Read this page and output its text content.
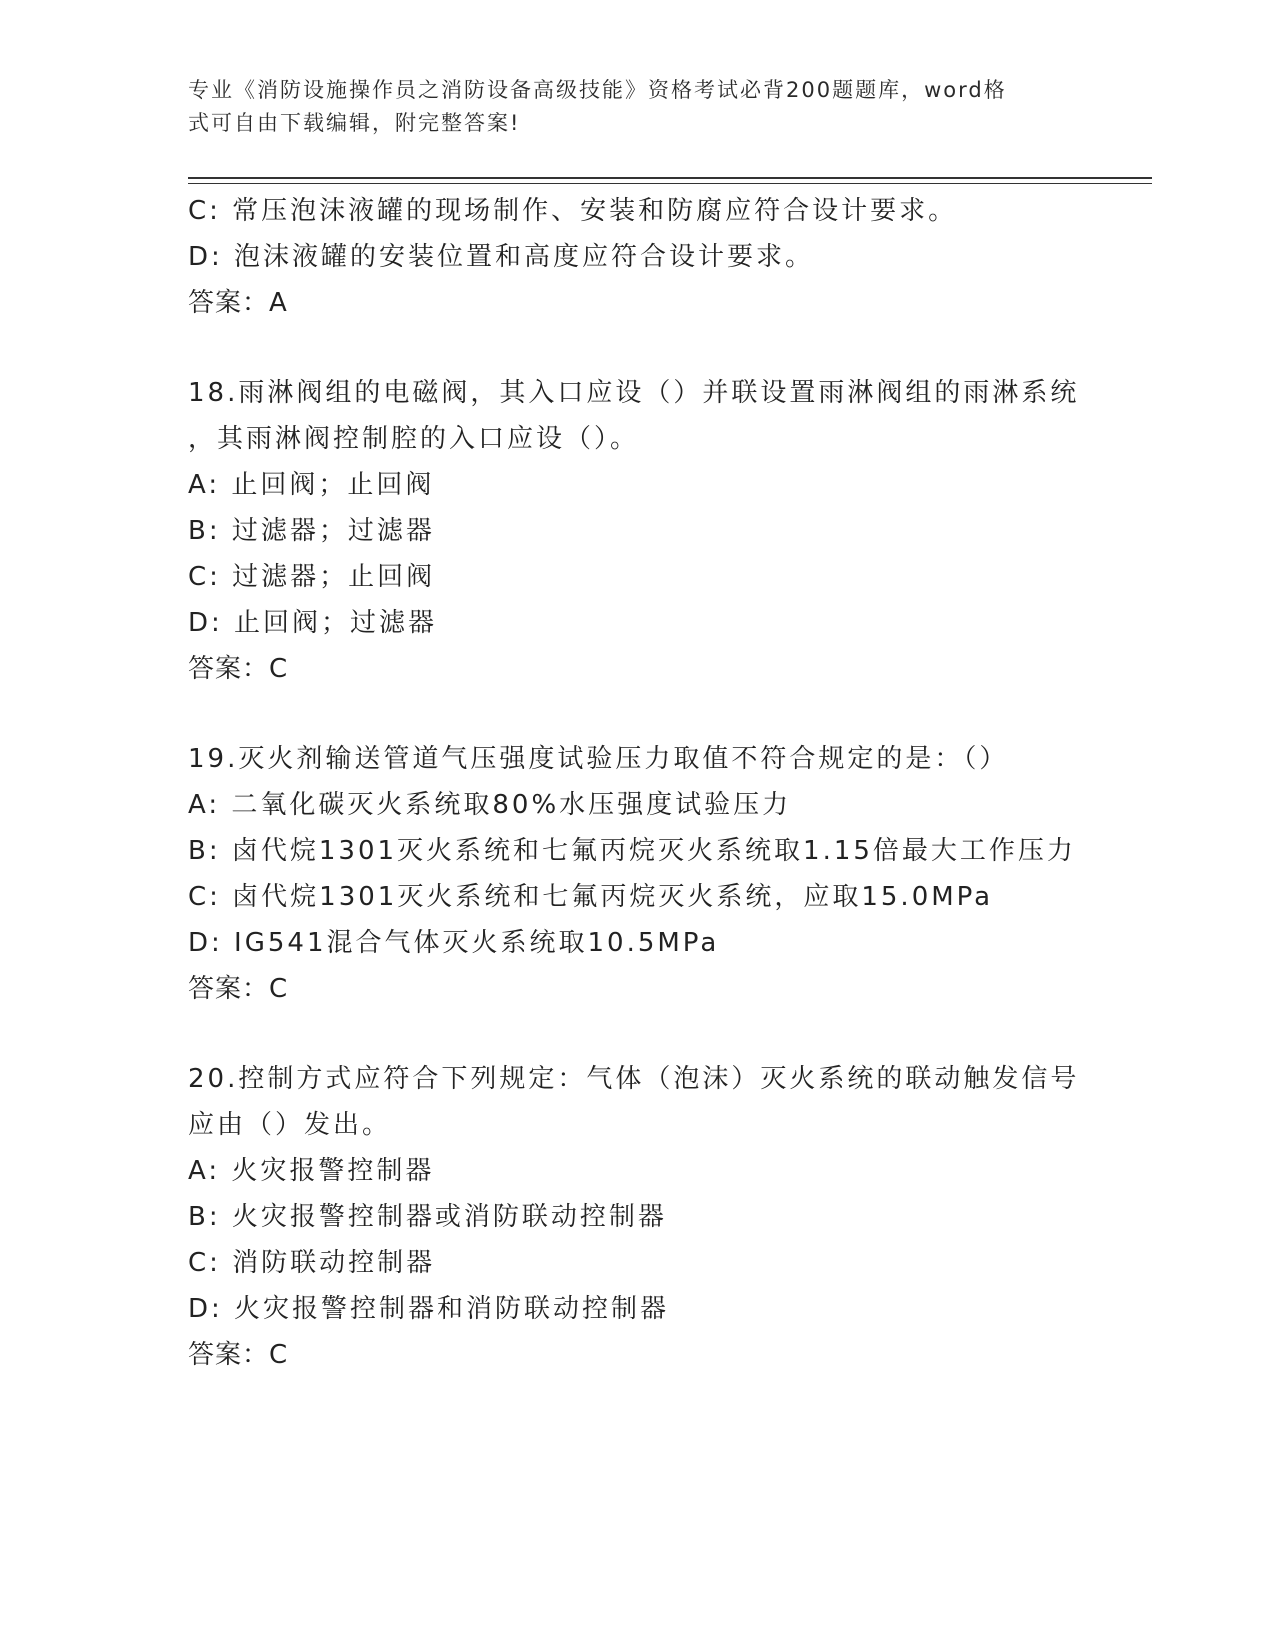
专业《消防设施操作员之消防设备高级技能》资格考试必背200题题库，word格
式可自由下载编辑，附完整答案!
C: 常压泡沫液罐的现场制作、安装和防腐应符合设计要求。
D: 泡沫液罐的安装位置和高度应符合设计要求。
答案：A
18.雨淋阀组的电磁阀，其入口应设（）并联设置雨淋阀组的雨淋系统
，其雨淋阀控制腔的入口应设（）。
A: 止回阀；止回阀
B: 过滤器；过滤器
C: 过滤器；止回阀
D: 止回阀；过滤器
答案：C
19.灭火剂输送管道气压强度试验压力取值不符合规定的是：（）
A: 二氧化碳灭火系统取80%水压强度试验压力
B: 卤代烷1301灭火系统和七氟丙烷灭火系统取1.15倍最大工作压力
C: 卤代烷1301灭火系统和七氟丙烷灭火系统，应取15.0MPa
D: IG541混合气体灭火系统取10.5MPa
答案：C
20.控制方式应符合下列规定：气体（泡沫）灭火系统的联动触发信号
应由（）发出。
A: 火灾报警控制器
B: 火灾报警控制器或消防联动控制器
C: 消防联动控制器
D: 火灾报警控制器和消防联动控制器
答案：C
